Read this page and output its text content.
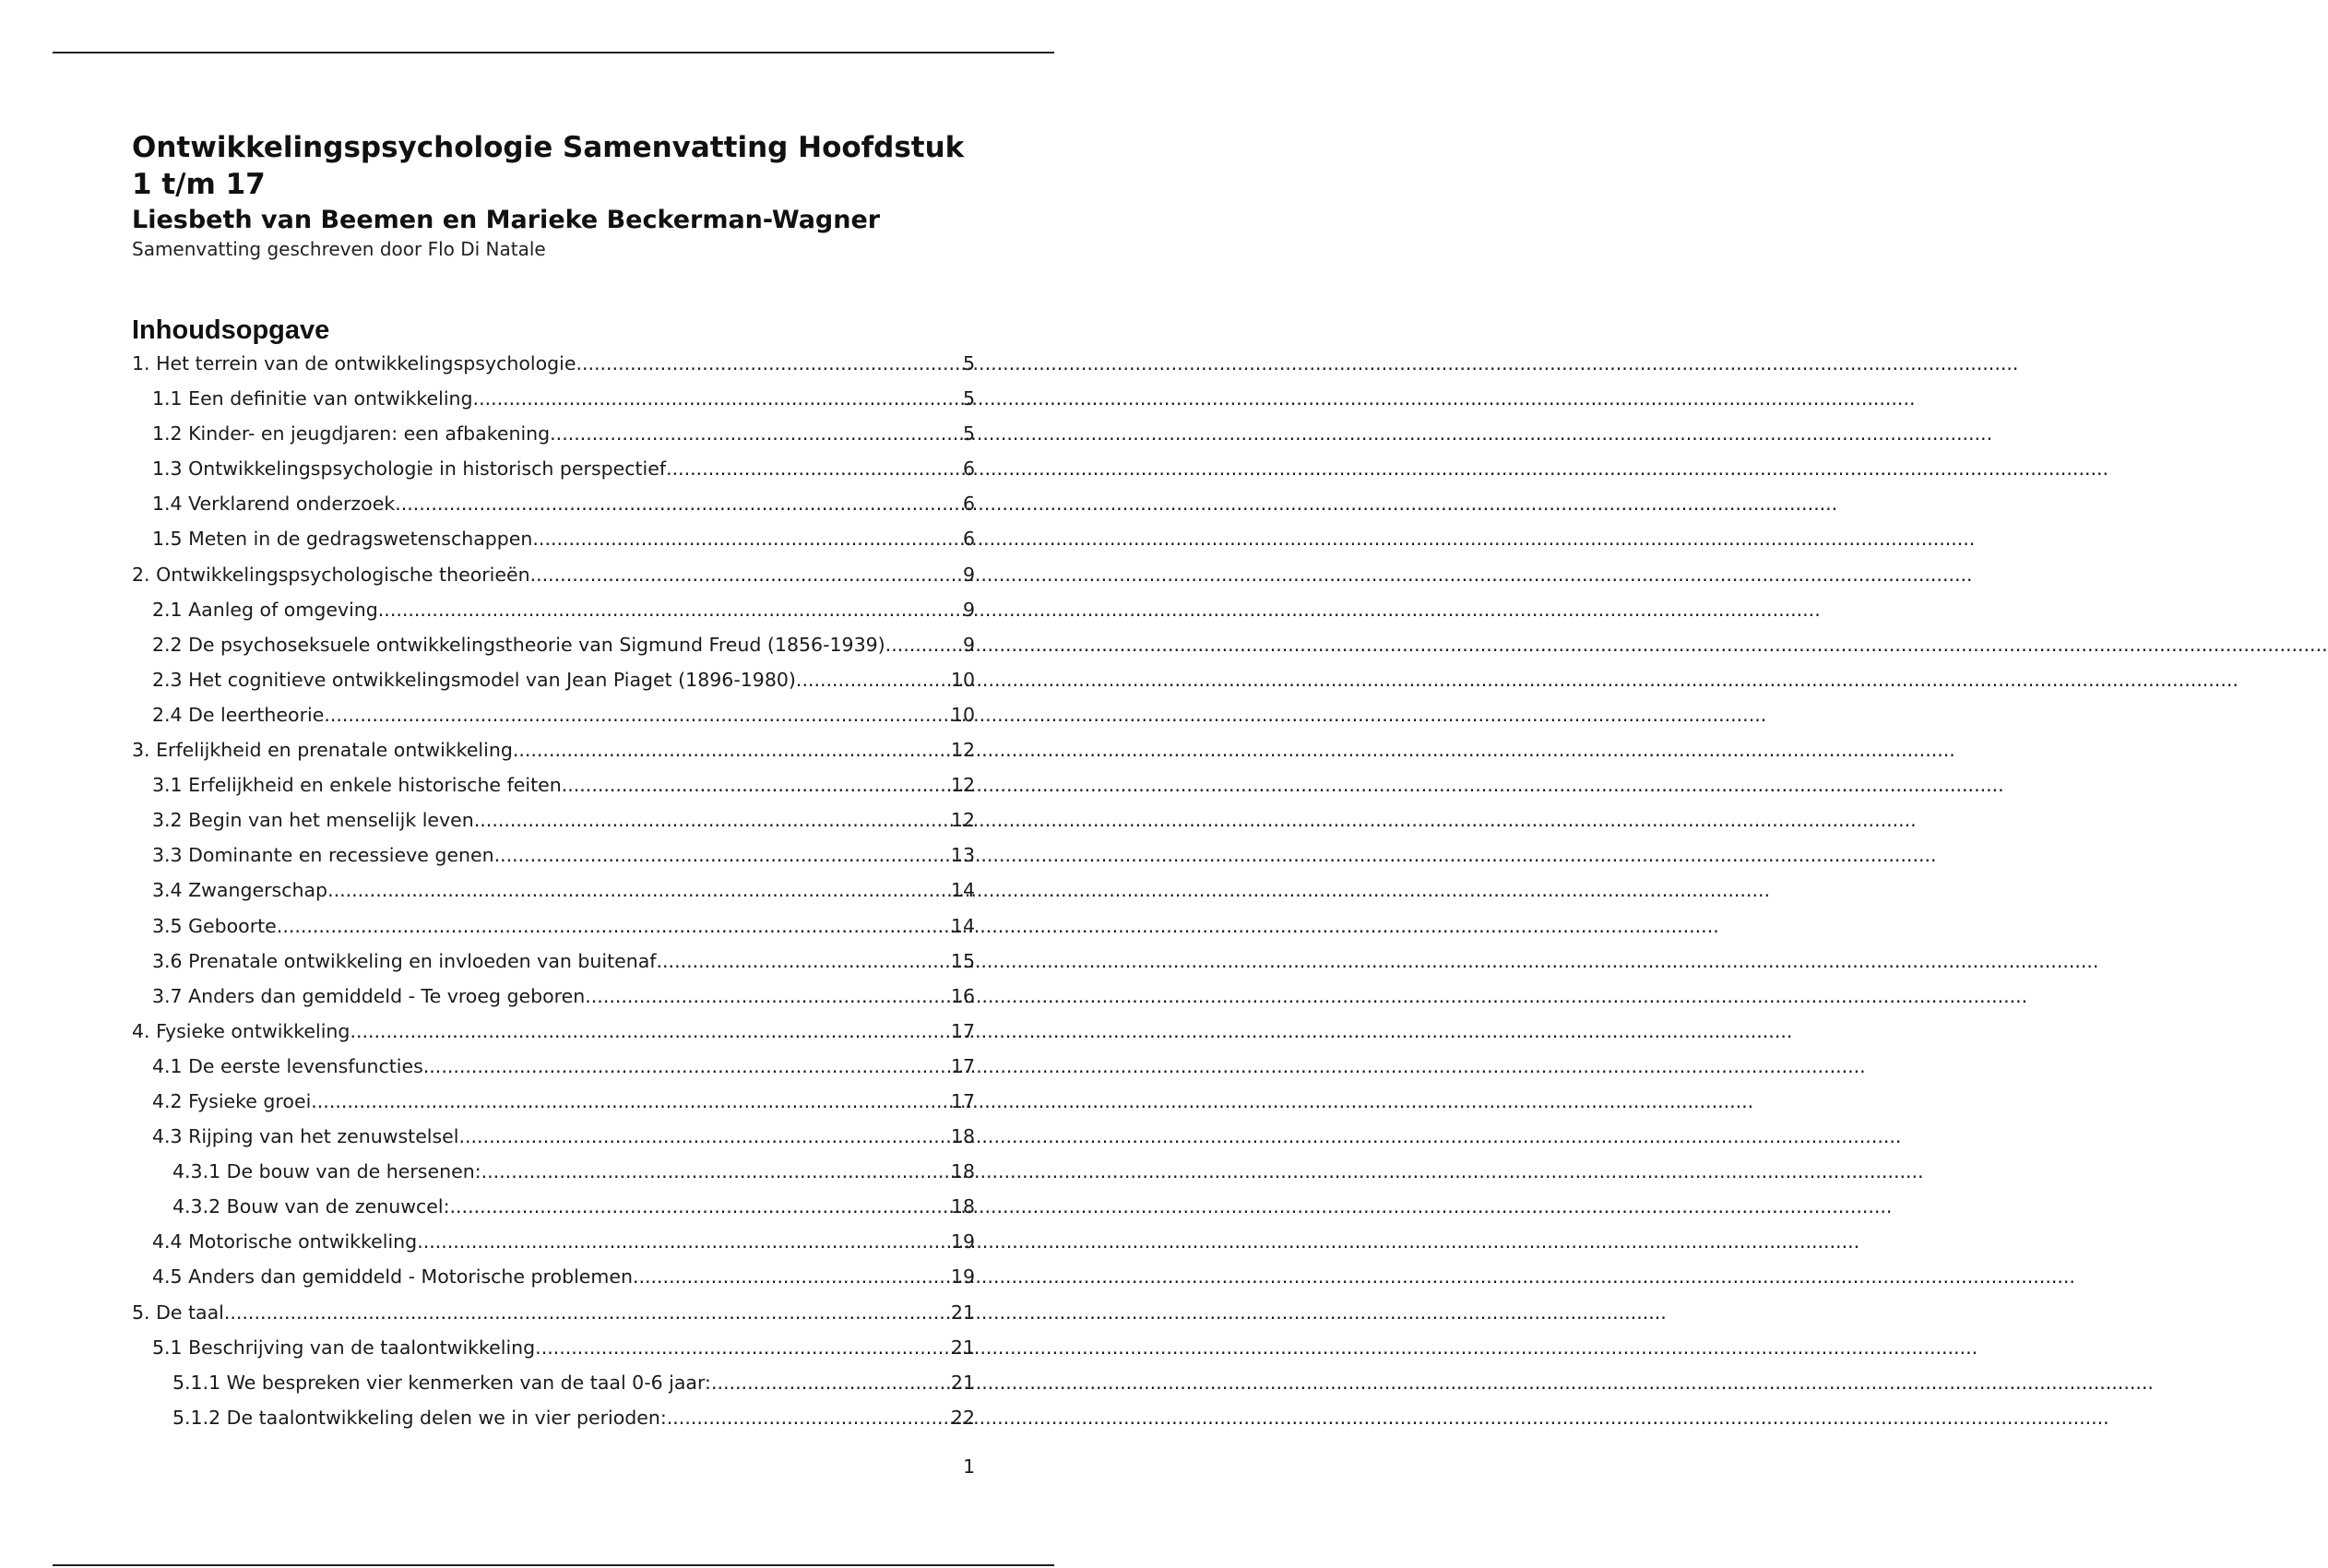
Ontwikkelingspsychologie Samenvatting Hoofdstuk 1 t/m 17
Liesbeth van Beemen en Marieke Beckerman-Wagner
Samenvatting geschreven door Flo Di Natale
Inhoudsopgave
1. Het terrein van de ontwikkelingspsychologie .....	5
1.1 Een definitie van ontwikkeling .....	5
1.2 Kinder- en jeugdjaren: een afbakening .....	5
1.3 Ontwikkelingspsychologie in historisch perspectief .....	6
1.4 Verklarend onderzoek .....	6
1.5 Meten in de gedragswetenschappen .....	6
2. Ontwikkelingspsychologische theorieën .....	9
2.1 Aanleg of omgeving .....	9
2.2 De psychoseksuele ontwikkelingstheorie van Sigmund Freud (1856-1939) .....	9
2.3 Het cognitieve ontwikkelingsmodel van Jean Piaget (1896-1980) .....	10
2.4 De leertheorie .....	10
3. Erfelijkheid en prenatale ontwikkeling .....	12
3.1 Erfelijkheid en enkele historische feiten .....	12
3.2 Begin van het menselijk leven .....	12
3.3 Dominante en recessieve genen .....	13
3.4 Zwangerschap .....	14
3.5 Geboorte .....	14
3.6 Prenatale ontwikkeling en invloeden van buitenaf .....	15
3.7 Anders dan gemiddeld - Te vroeg geboren .....	16
4. Fysieke ontwikkeling .....	17
4.1 De eerste levensfuncties .....	17
4.2 Fysieke groei .....	17
4.3 Rijping van het zenuwstelsel .....	18
4.3.1 De bouw van de hersenen: .....	18
4.3.2 Bouw van de zenuwcel: .....	18
4.4 Motorische ontwikkeling .....	19
4.5 Anders dan gemiddeld - Motorische problemen .....	19
5. De taal .....	21
5.1 Beschrijving van de taalontwikkeling .....	21
5.1.1 We bespreken vier kenmerken van de taal 0-6 jaar: .....	21
5.1.2 De taalontwikkeling delen we in vier perioden: .....	22
1
